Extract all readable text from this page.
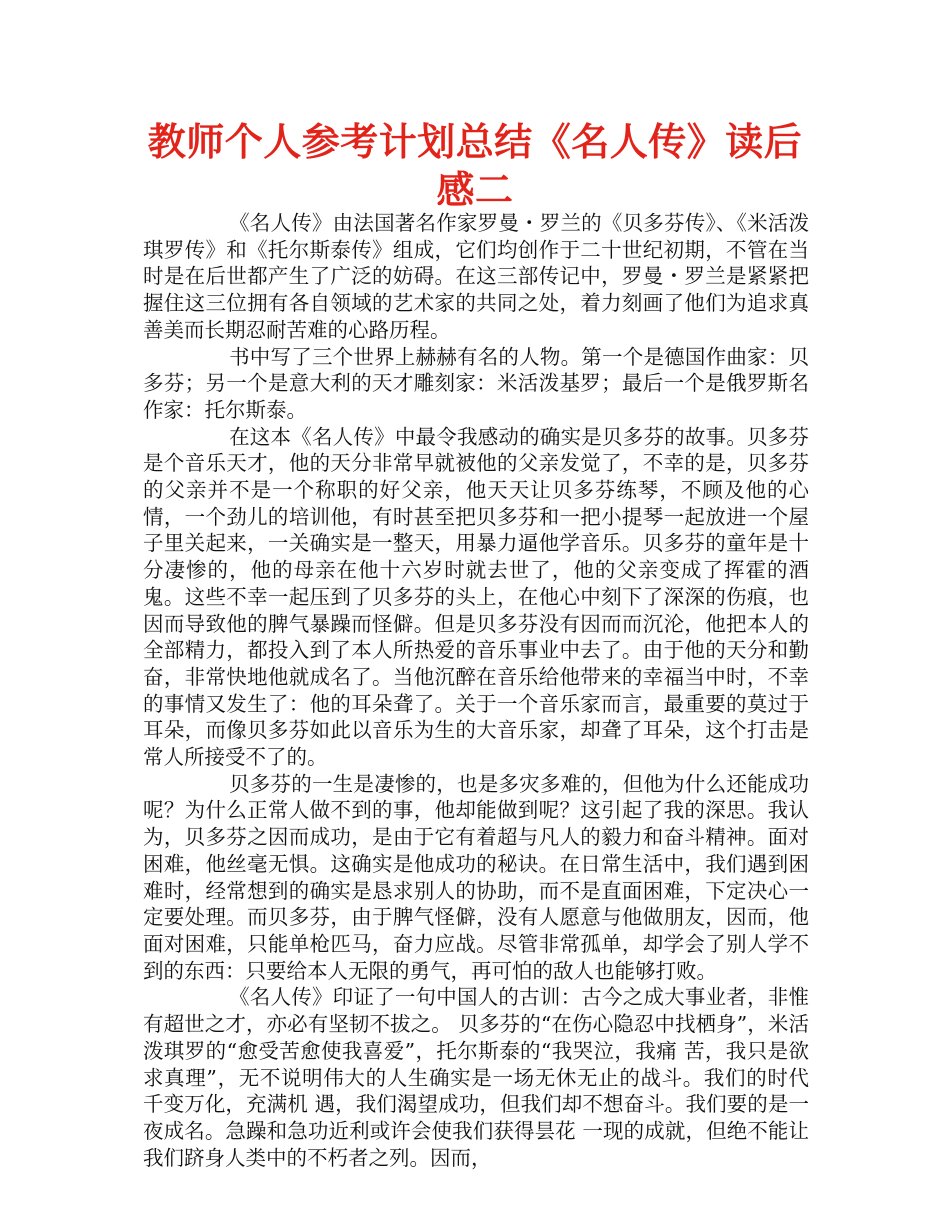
教师个人参考计划总结《名人传》读后感二

《名人传》由法国著名作家罗曼・罗兰的《贝多芬传》、《米活泼琪罗传》和《托尔斯泰传》组成，它们均创作于二十世纪初期，不管在当时是在后世都产生了广泛的妨碍。在这三部传记中，罗曼・罗兰是紧紧把握住这三位拥有各自领域的艺术家的共同之处，着力刻画了他们为追求真善美而长期忍耐苦难的心路历程。

书中写了三个世界上赫赫有名的人物。第一个是德国作曲家：贝多芬；另一个是意大利的天才雕刻家：米活泼基罗；最后一个是俄罗斯名作家：托尔斯泰。

在这本《名人传》中最令我感动的确实是贝多芬的故事。贝多芬是个音乐天才，他的天分非常早就被他的父亲发觉了，不幸的是，贝多芬的父亲并不是一个称职的好父亲，他天天让贝多芬练琴，不顾及他的心情，一个劲儿的培训他，有时甚至把贝多芬和一把小提琴一起放进一个屋子里关起来，一关确实是一整天，用暴力逼他学音乐。贝多芬的童年是十分凄惨的，他的母亲在他十六岁时就去世了，他的父亲变成了挥霍的酒鬼。这些不幸一起压到了贝多芬的头上，在他心中刻下了深深的伤痕，也因而导致他的脾气暴躁而怪僻。但是贝多芬没有因而而沉沦，他把本人的全部精力，都投入到了本人所热爱的音乐事业中去了。由于他的天分和勤奋，非常快地他就成名了。当他沉醉在音乐给他带来的幸福当中时，不幸的事情又发生了：他的耳朵聋了。关于一个音乐家而言，最重要的莫过于耳朵，而像贝多芬如此以音乐为生的大音乐家，却聋了耳朵，这个打击是常人所接受不了的。

贝多芬的一生是凄惨的，也是多灾多难的，但他为什么还能成功呢？为什么正常人做不到的事，他却能做到呢？这引起了我的深思。我认为，贝多芬之因而成功，是由于它有着超与凡人的毅力和奋斗精神。面对困难，他丝毫无惧。这确实是他成功的秘诀。在日常生活中，我们遇到困难时，经常想到的确实是恳求别人的协助，而不是直面困难，下定决心一定要处理。而贝多芬，由于脾气怪僻，没有人愿意与他做朋友，因而，他面对困难，只能单枪匹马，奋力应战。尽管非常孤单，却学会了别人学不到的东西：只要给本人无限的勇气，再可怕的敌人也能够打败。

《名人传》印证了一句中国人的古训：古今之成大事业者，非惟有超世之才，亦必有坚韧不拔之。 贝多芬的“在伤心隐忍中找栖身”，米活泼琪罗的“愈受苦愈使我喜爱”，托尔斯泰的“我哭泣，我痛 苦，我只是欲求真理”，无不说明伟大的人生确实是一场无休无止的战斗。我们的时代千变万化，充满机 遇，我们渴望成功，但我们却不想奋斗。我们要的是一夜成名。急躁和急功近利或许会使我们获得昙花 一现的成就，但绝不能让我们跻身人类中的不朽者之列。因而，
